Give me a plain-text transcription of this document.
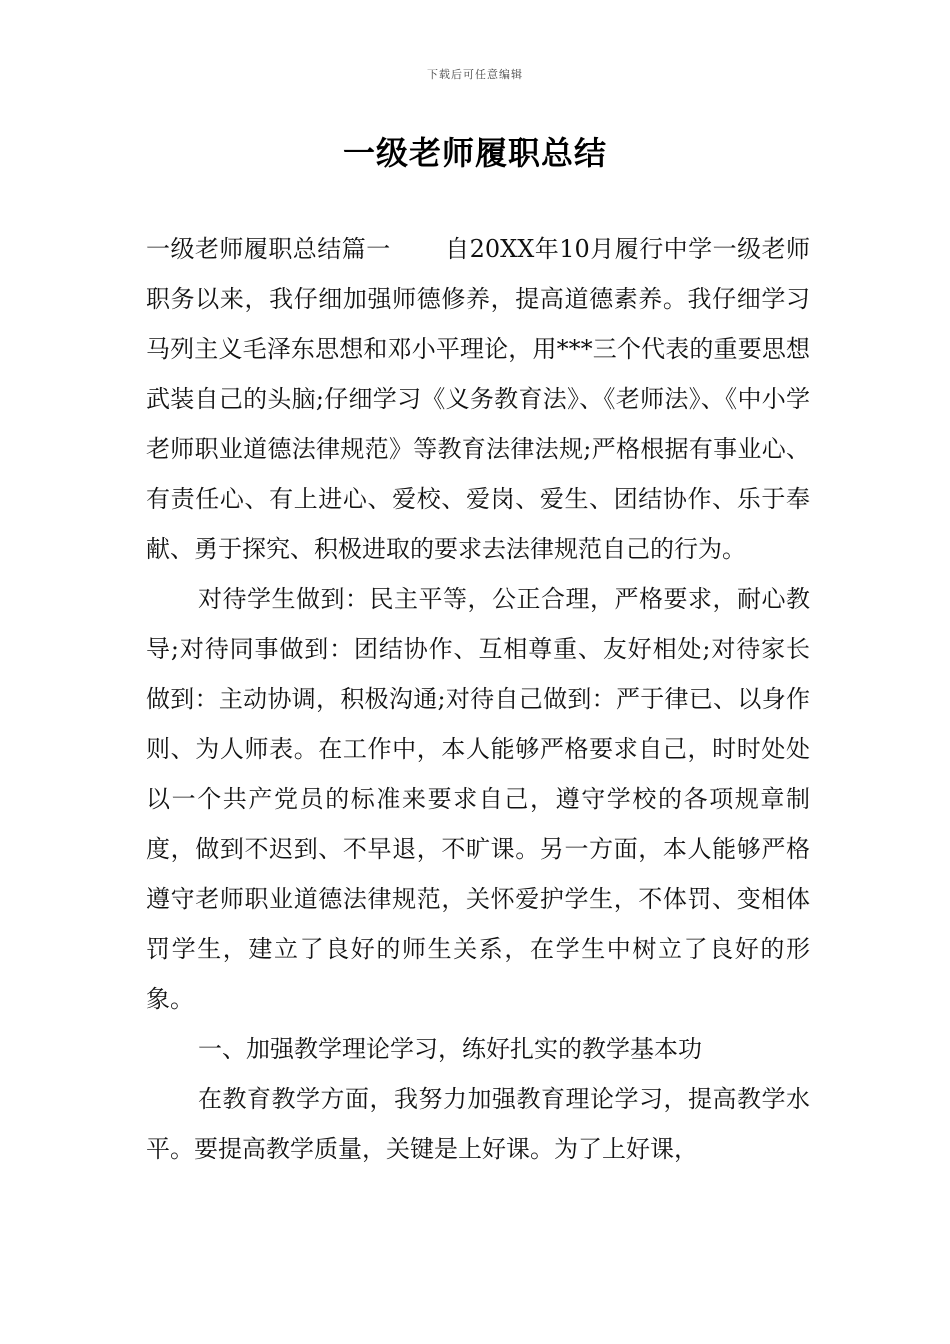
下载后可任意编辑
一级老师履职总结

一级老师履职总结篇一 自20XX年10月履行中学一级老师职务以来，我仔细加强师德修养，提高道德素养。我仔细学习马列主义毛泽东思想和邓小平理论，用***三个代表的重要思想武装自己的头脑;仔细学习《义务教育法》、《老师法》、《中小学老师职业道德法律规范》等教育法律法规;严格根据有事业心、有责任心、有上进心、爱校、爱岗、爱生、团结协作、乐于奉献、勇于探究、积极进取的要求去法律规范自己的行为。

对待学生做到：民主平等，公正合理，严格要求，耐心教导;对待同事做到：团结协作、互相尊重、友好相处;对待家长做到：主动协调，积极沟通;对待自己做到：严于律已、以身作则、为人师表。在工作中，本人能够严格要求自己，时时处处以一个共产党员的标准来要求自己，遵守学校的各项规章制度，做到不迟到、不早退，不旷课。另一方面，本人能够严格遵守老师职业道德法律规范，关怀爱护学生，不体罚、变相体罚学生，建立了良好的师生关系，在学生中树立了良好的形象。

一、加强教学理论学习，练好扎实的教学基本功

在教育教学方面，我努力加强教育理论学习，提高教学水平。要提高教学质量，关键是上好课。为了上好课，
